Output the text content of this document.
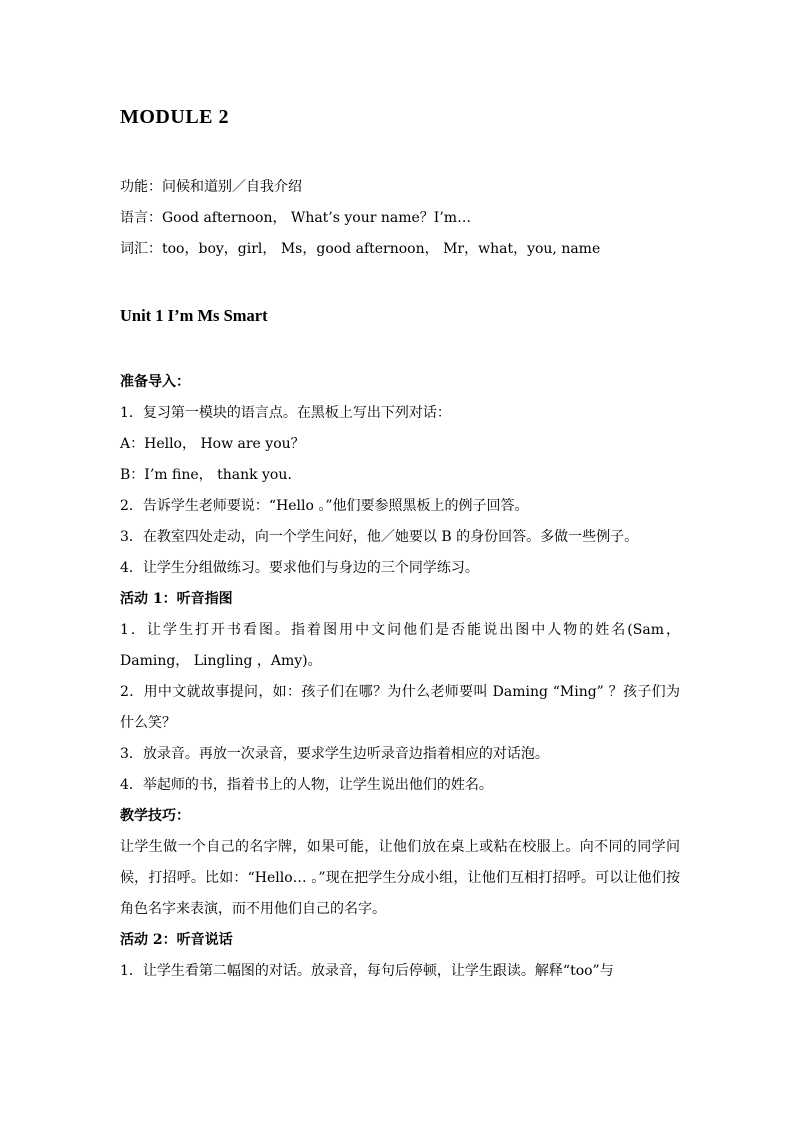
MODULE 2
功能：问候和道别／自我介绍
语言：Good afternoon， What’s your name？I’m…
词汇：too，boy，girl， Ms，good afternoon， Mr，what，you, name
Unit 1 I’m Ms Smart
准备导入：
1．复习第一模块的语言点。在黑板上写出下列对话：
A：Hello， How are you？
B：I’m fine， thank you.
2．告诉学生老师要说：“Hello 。”他们要参照黑板上的例子回答。
3．在教室四处走动，向一个学生问好，他／她要以 B 的身份回答。多做一些例子。
4．让学生分组做练习。要求他们与身边的三个同学练习。
活动 1：听音指图
1．让学生打开书看图。指着图用中文问他们是否能说出图中人物的姓名(Sam，Daming， Lingling ，Amy)。
2．用中文就故事提问，如：孩子们在哪？为什么老师要叫 Daming “Ming” ？孩子们为什么笑？
3．放录音。再放一次录音，要求学生边听录音边指着相应的对话泡。
4．举起师的书，指着书上的人物，让学生说出他们的姓名。
教学技巧：
让学生做一个自己的名字牌，如果可能，让他们放在桌上或粘在校服上。向不同的同学问候，打招呼。比如：“Hello… 。”现在把学生分成小组，让他们互相打招呼。可以让他们按角色名字来表演，而不用他们自己的名字。
活动 2：听音说话
1．让学生看第二幅图的对话。放录音，每句后停顿，让学生跟读。解释“too”与
